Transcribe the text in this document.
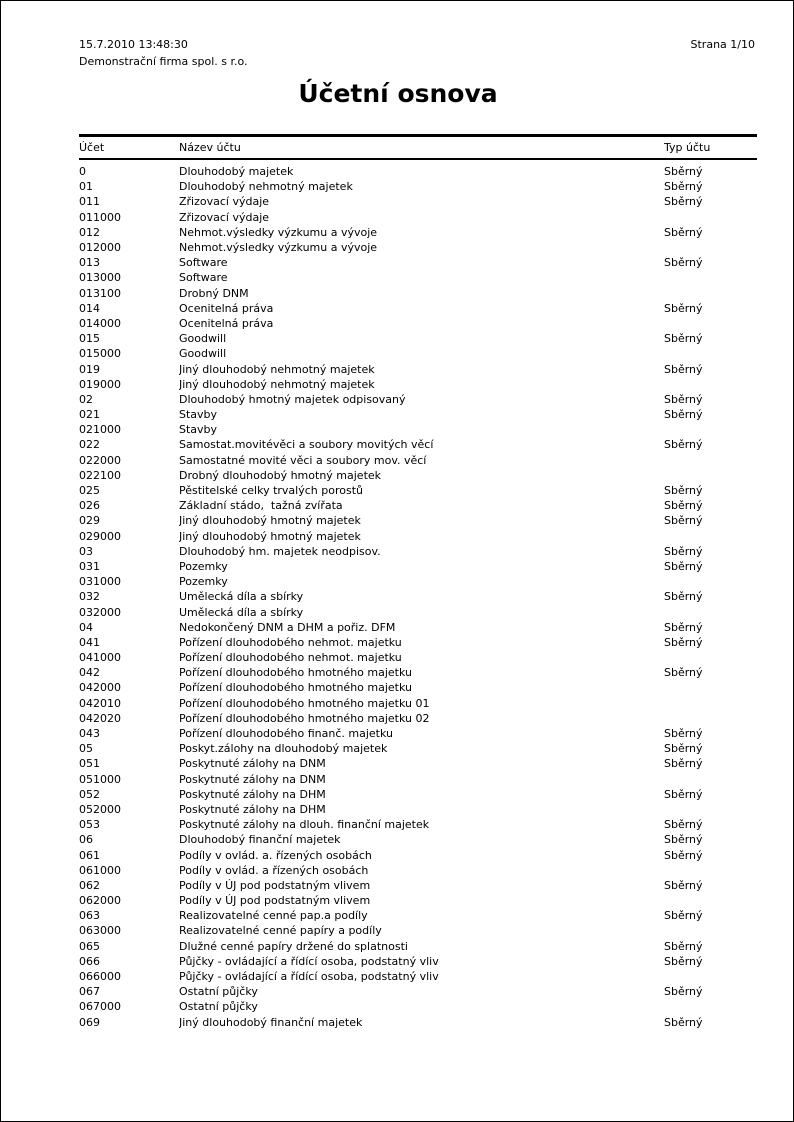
15.7.2010 13:48:30
Demonstrační firma spol. s r.o.
Strana 1/10
Účetní osnova
Účet	Název účtu	Typ účtu
0	Dlouhodobý majetek	Sběrný
01	Dlouhodobý nehmotný majetek	Sběrný
011	Zřizovací výdaje	Sběrný
011000	Zřizovací výdaje
012	Nehmot.výsledky výzkumu a vývoje	Sběrný
012000	Nehmot.výsledky výzkumu a vývoje
013	Software	Sběrný
013000	Software
013100	Drobný DNM
014	Ocenitelná práva	Sběrný
014000	Ocenitelná práva
015	Goodwill	Sběrný
015000	Goodwill
019	Jiný dlouhodobý nehmotný majetek	Sběrný
019000	Jiný dlouhodobý nehmotný majetek
02	Dlouhodobý hmotný majetek odpisovaný	Sběrný
021	Stavby	Sběrný
021000	Stavby
022	Samostat.movitévěci a soubory movitých věcí	Sběrný
022000	Samostatné movité věci a soubory mov. věcí
022100	Drobný dlouhodobý hmotný majetek
025	Pěstitelské celky trvalých porostů	Sběrný
026	Základní stádo,  tažná zvířata	Sběrný
029	Jiný dlouhodobý hmotný majetek	Sběrný
029000	Jiný dlouhodobý hmotný majetek
03	Dlouhodobý hm. majetek neodpisov.	Sběrný
031	Pozemky	Sběrný
031000	Pozemky
032	Umělecká díla a sbírky	Sběrný
032000	Umělecká díla a sbírky
04	Nedokončený DNM a DHM a pořiz. DFM	Sběrný
041	Pořízení dlouhodobého nehmot. majetku	Sběrný
041000	Pořízení dlouhodobého nehmot. majetku
042	Pořízení dlouhodobého hmotného majetku	Sběrný
042000	Pořízení dlouhodobého hmotného majetku
042010	Pořízení dlouhodobého hmotného majetku 01
042020	Pořízení dlouhodobého hmotného majetku 02
043	Pořízení dlouhodobého finanč. majetku	Sběrný
05	Poskyt.zálohy na dlouhodobý majetek	Sběrný
051	Poskytnuté zálohy na DNM	Sběrný
051000	Poskytnuté zálohy na DNM
052	Poskytnuté zálohy na DHM	Sběrný
052000	Poskytnuté zálohy na DHM
053	Poskytnuté zálohy na dlouh. finanční majetek	Sběrný
06	Dlouhodobý finanční majetek	Sběrný
061	Podíly v ovlád. a. řízených osobách	Sběrný
061000	Podíly v ovlád. a řízených osobách
062	Podíly v ÚJ pod podstatným vlivem	Sběrný
062000	Podíly v ÚJ pod podstatným vlivem
063	Realizovatelné cenné pap.a podíly	Sběrný
063000	Realizovatelné cenné papíry a podíly
065	Dlužné cenné papíry držené do splatnosti	Sběrný
066	Půjčky - ovládající a řídící osoba, podstatný vliv	Sběrný
066000	Půjčky - ovládající a řídící osoba, podstatný vliv
067	Ostatní půjčky	Sběrný
067000	Ostatní půjčky
069	Jiný dlouhodobý finanční majetek	Sběrný
